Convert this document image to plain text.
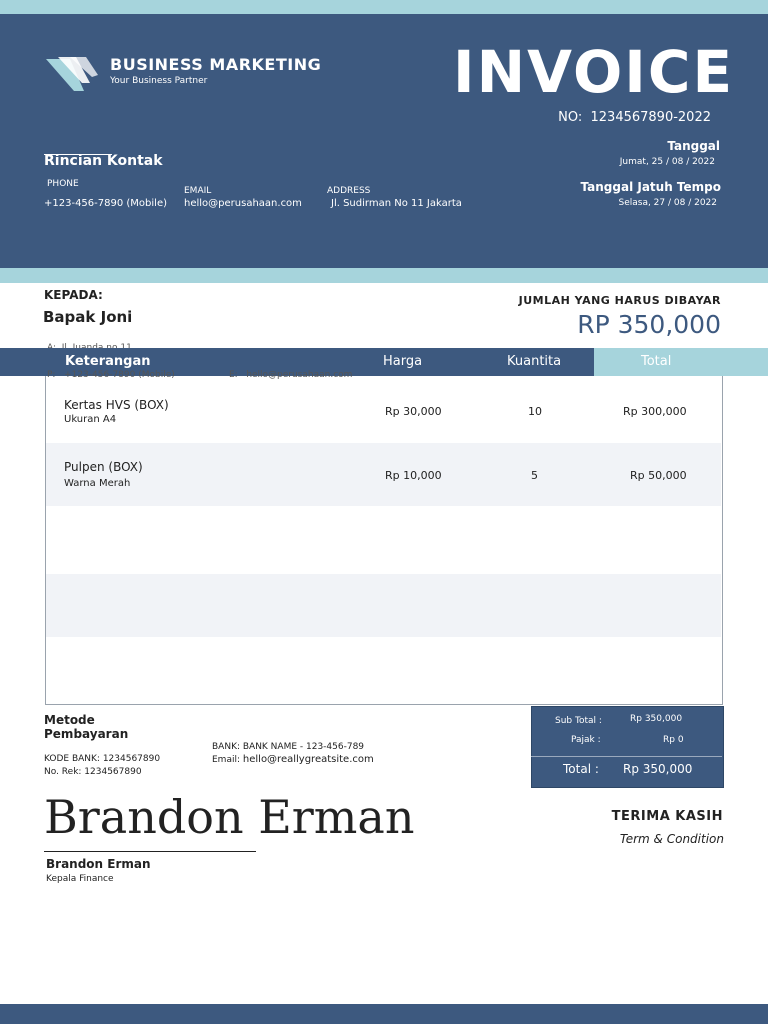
BUSINESS MARKETING
Your Business Partner	INVOICE
NO: 1234567890-2022
Rincian Kontak
PHONE
+123-456-7890 (Mobile)
EMAIL
hello@perusahaan.com
ADDRESS
Jl. Sudirman No 11 Jakarta
Tanggal
Jumat, 25 / 08 / 2022
Tanggal Jatuh Tempo
Selasa, 27 / 08 / 2022
KEPADA:
Bapak Joni

JUMLAH YANG HARUS DIBAYAR
RP 350,000
Keterangan	Harga	Kuantita	Total
P: +123-456-7890 (Mobile)	E: hello@perusahaan.com
Kertas HVS (BOX)
Ukuran A4
Rp 30,000	10	Rp 300,000
Pulpen (BOX)
Warna Merah
Rp 10,000	5	Rp 50,000
Metode
Pembayaran
KODE BANK: 1234567890
No. Rek: 1234567890
BANK: BANK NAME - 123-456-789
Email: hello@reallygreatsite.com
Sub Total :	Rp 350,000
Pajak :	Rp 0
Total : Rp 350,000
Brandon Erman
Brandon Erman
Kepala Finance
TERIMA KASIH
Term & Condition
